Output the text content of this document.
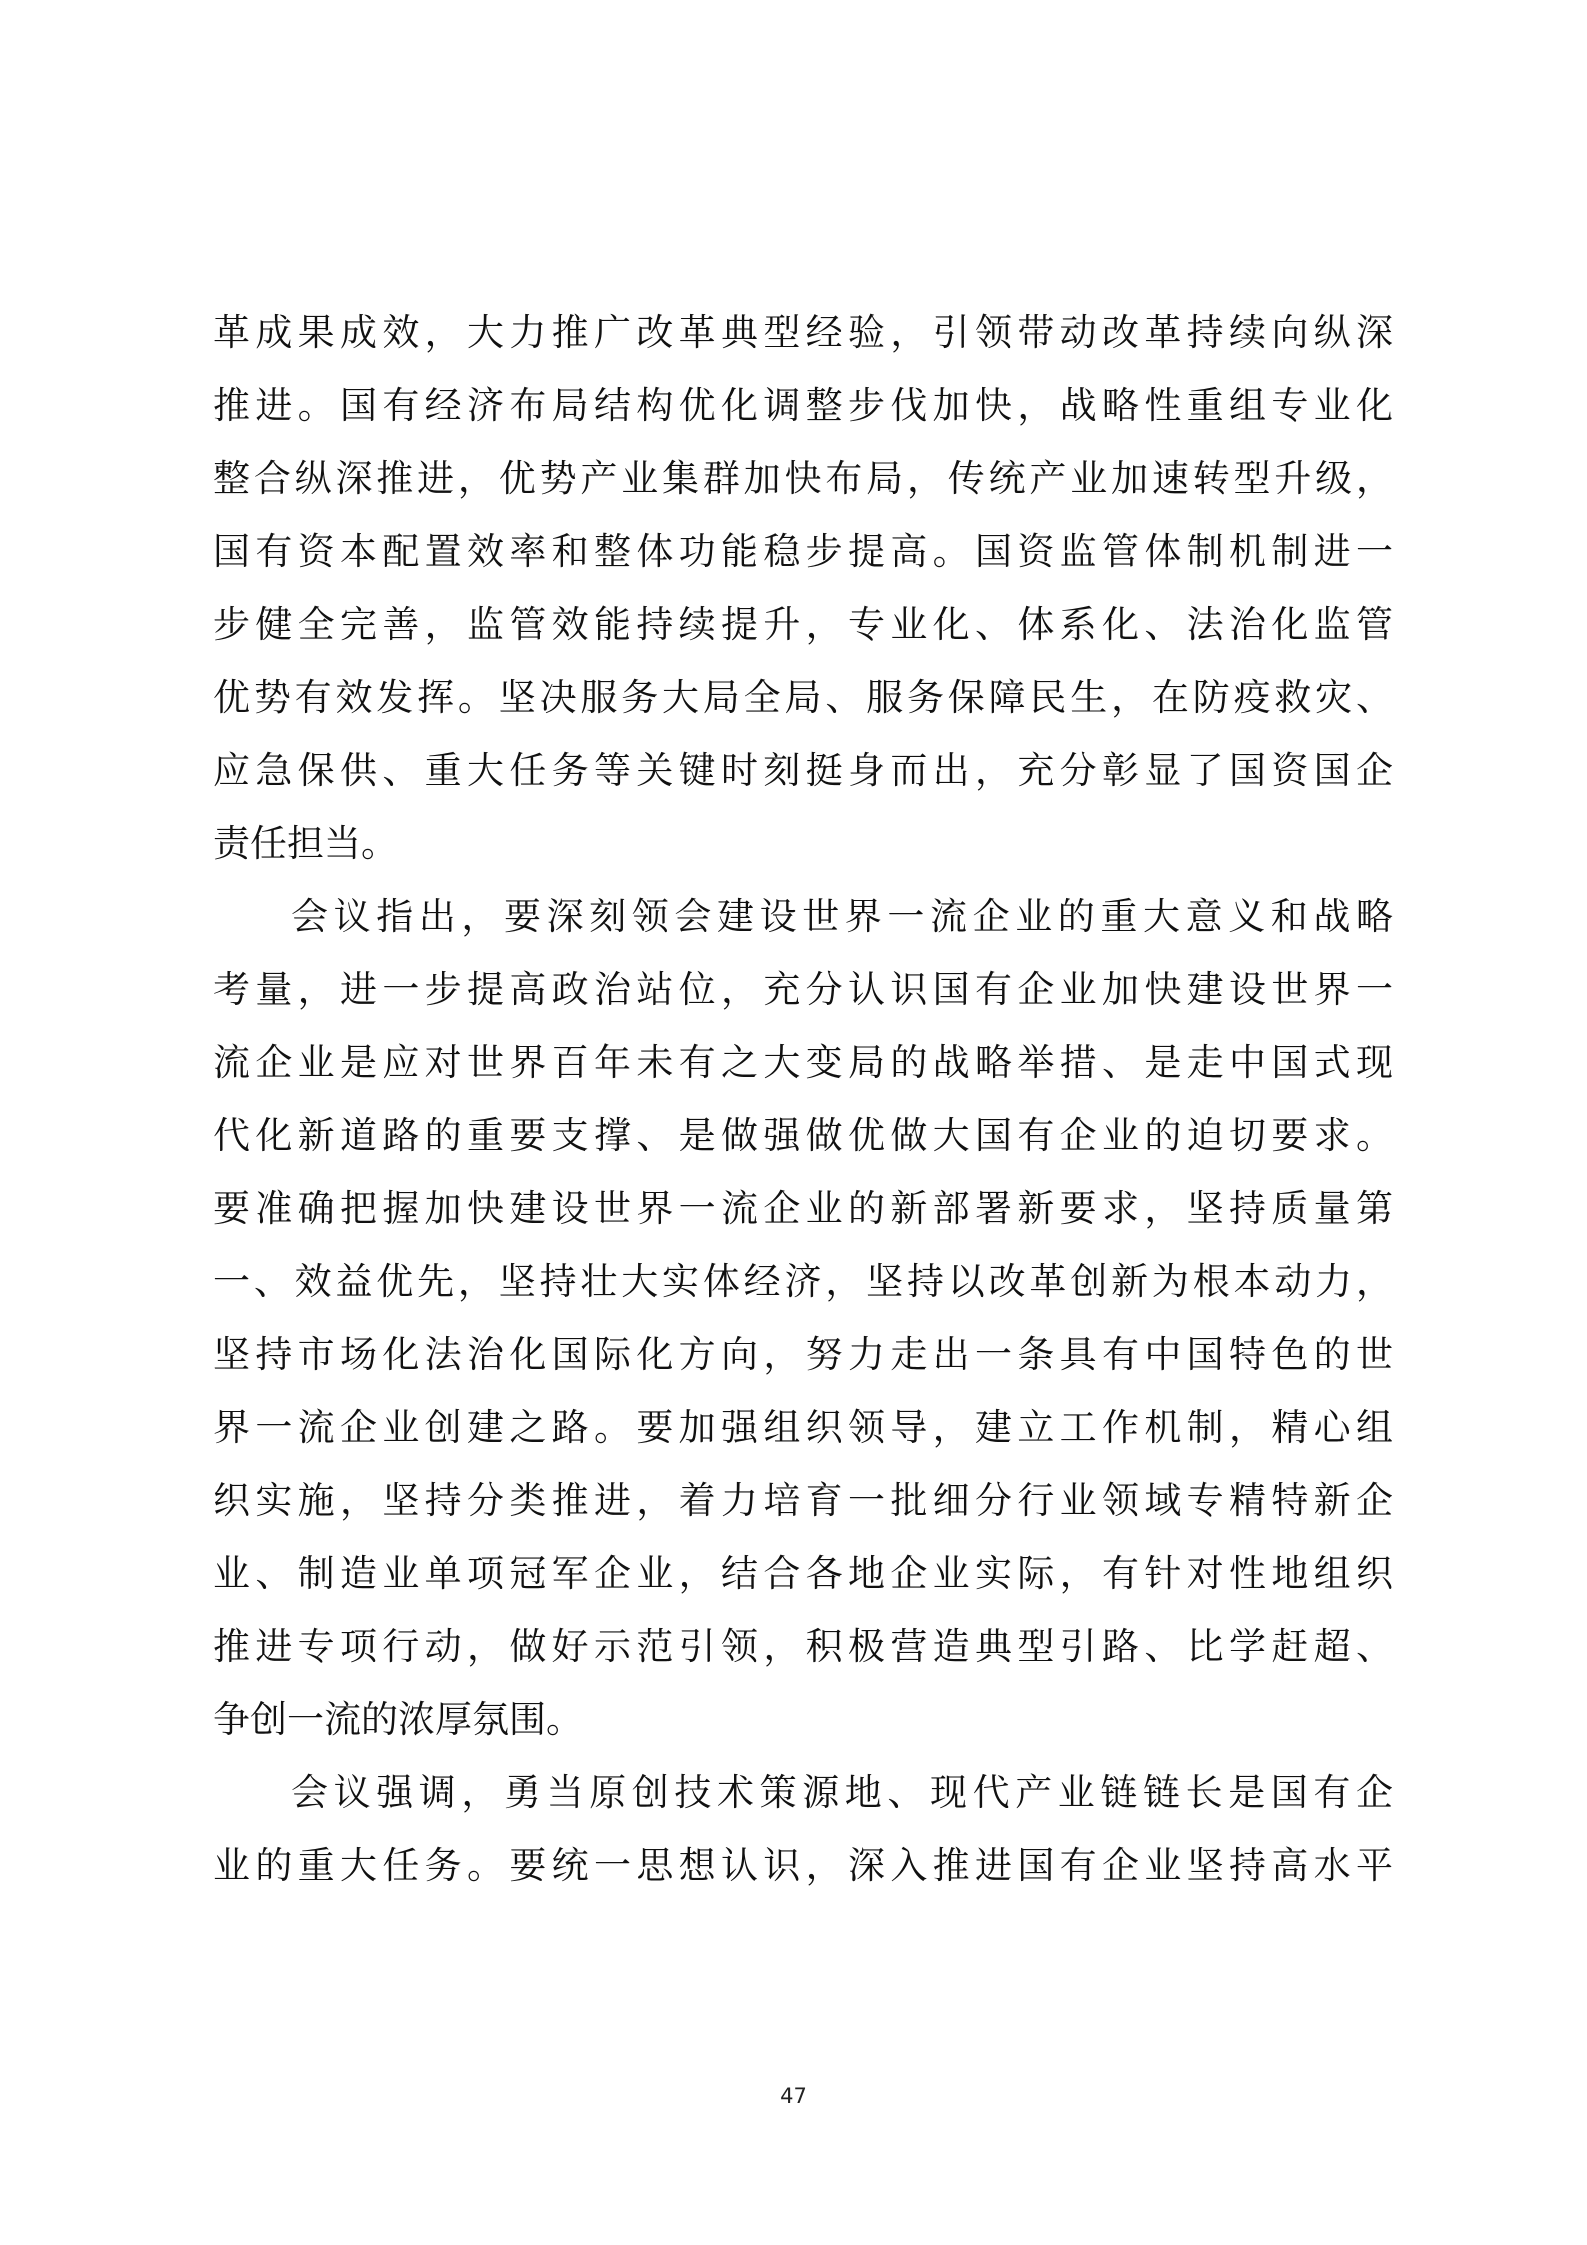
革成果成效，大力推广改革典型经验，引领带动改革持续向纵深
推进。国有经济布局结构优化调整步伐加快，战略性重组专业化
整合纵深推进，优势产业集群加快布局，传统产业加速转型升级，
国有资本配置效率和整体功能稳步提高。国资监管体制机制进一
步健全完善，监管效能持续提升，专业化、体系化、法治化监管
优势有效发挥。坚决服务大局全局、服务保障民生，在防疫救灾、
应急保供、重大任务等关键时刻挺身而出，充分彰显了国资国企
责任担当。
会议指出，要深刻领会建设世界一流企业的重大意义和战略
考量，进一步提高政治站位，充分认识国有企业加快建设世界一
流企业是应对世界百年未有之大变局的战略举措、是走中国式现
代化新道路的重要支撑、是做强做优做大国有企业的迫切要求。
要准确把握加快建设世界一流企业的新部署新要求，坚持质量第
一、效益优先，坚持壮大实体经济，坚持以改革创新为根本动力，
坚持市场化法治化国际化方向，努力走出一条具有中国特色的世
界一流企业创建之路。要加强组织领导，建立工作机制，精心组
织实施，坚持分类推进，着力培育一批细分行业领域专精特新企
业、制造业单项冠军企业，结合各地企业实际，有针对性地组织
推进专项行动，做好示范引领，积极营造典型引路、比学赶超、
争创一流的浓厚氛围。
会议强调，勇当原创技术策源地、现代产业链链长是国有企
业的重大任务。要统一思想认识，深入推进国有企业坚持高水平
47
